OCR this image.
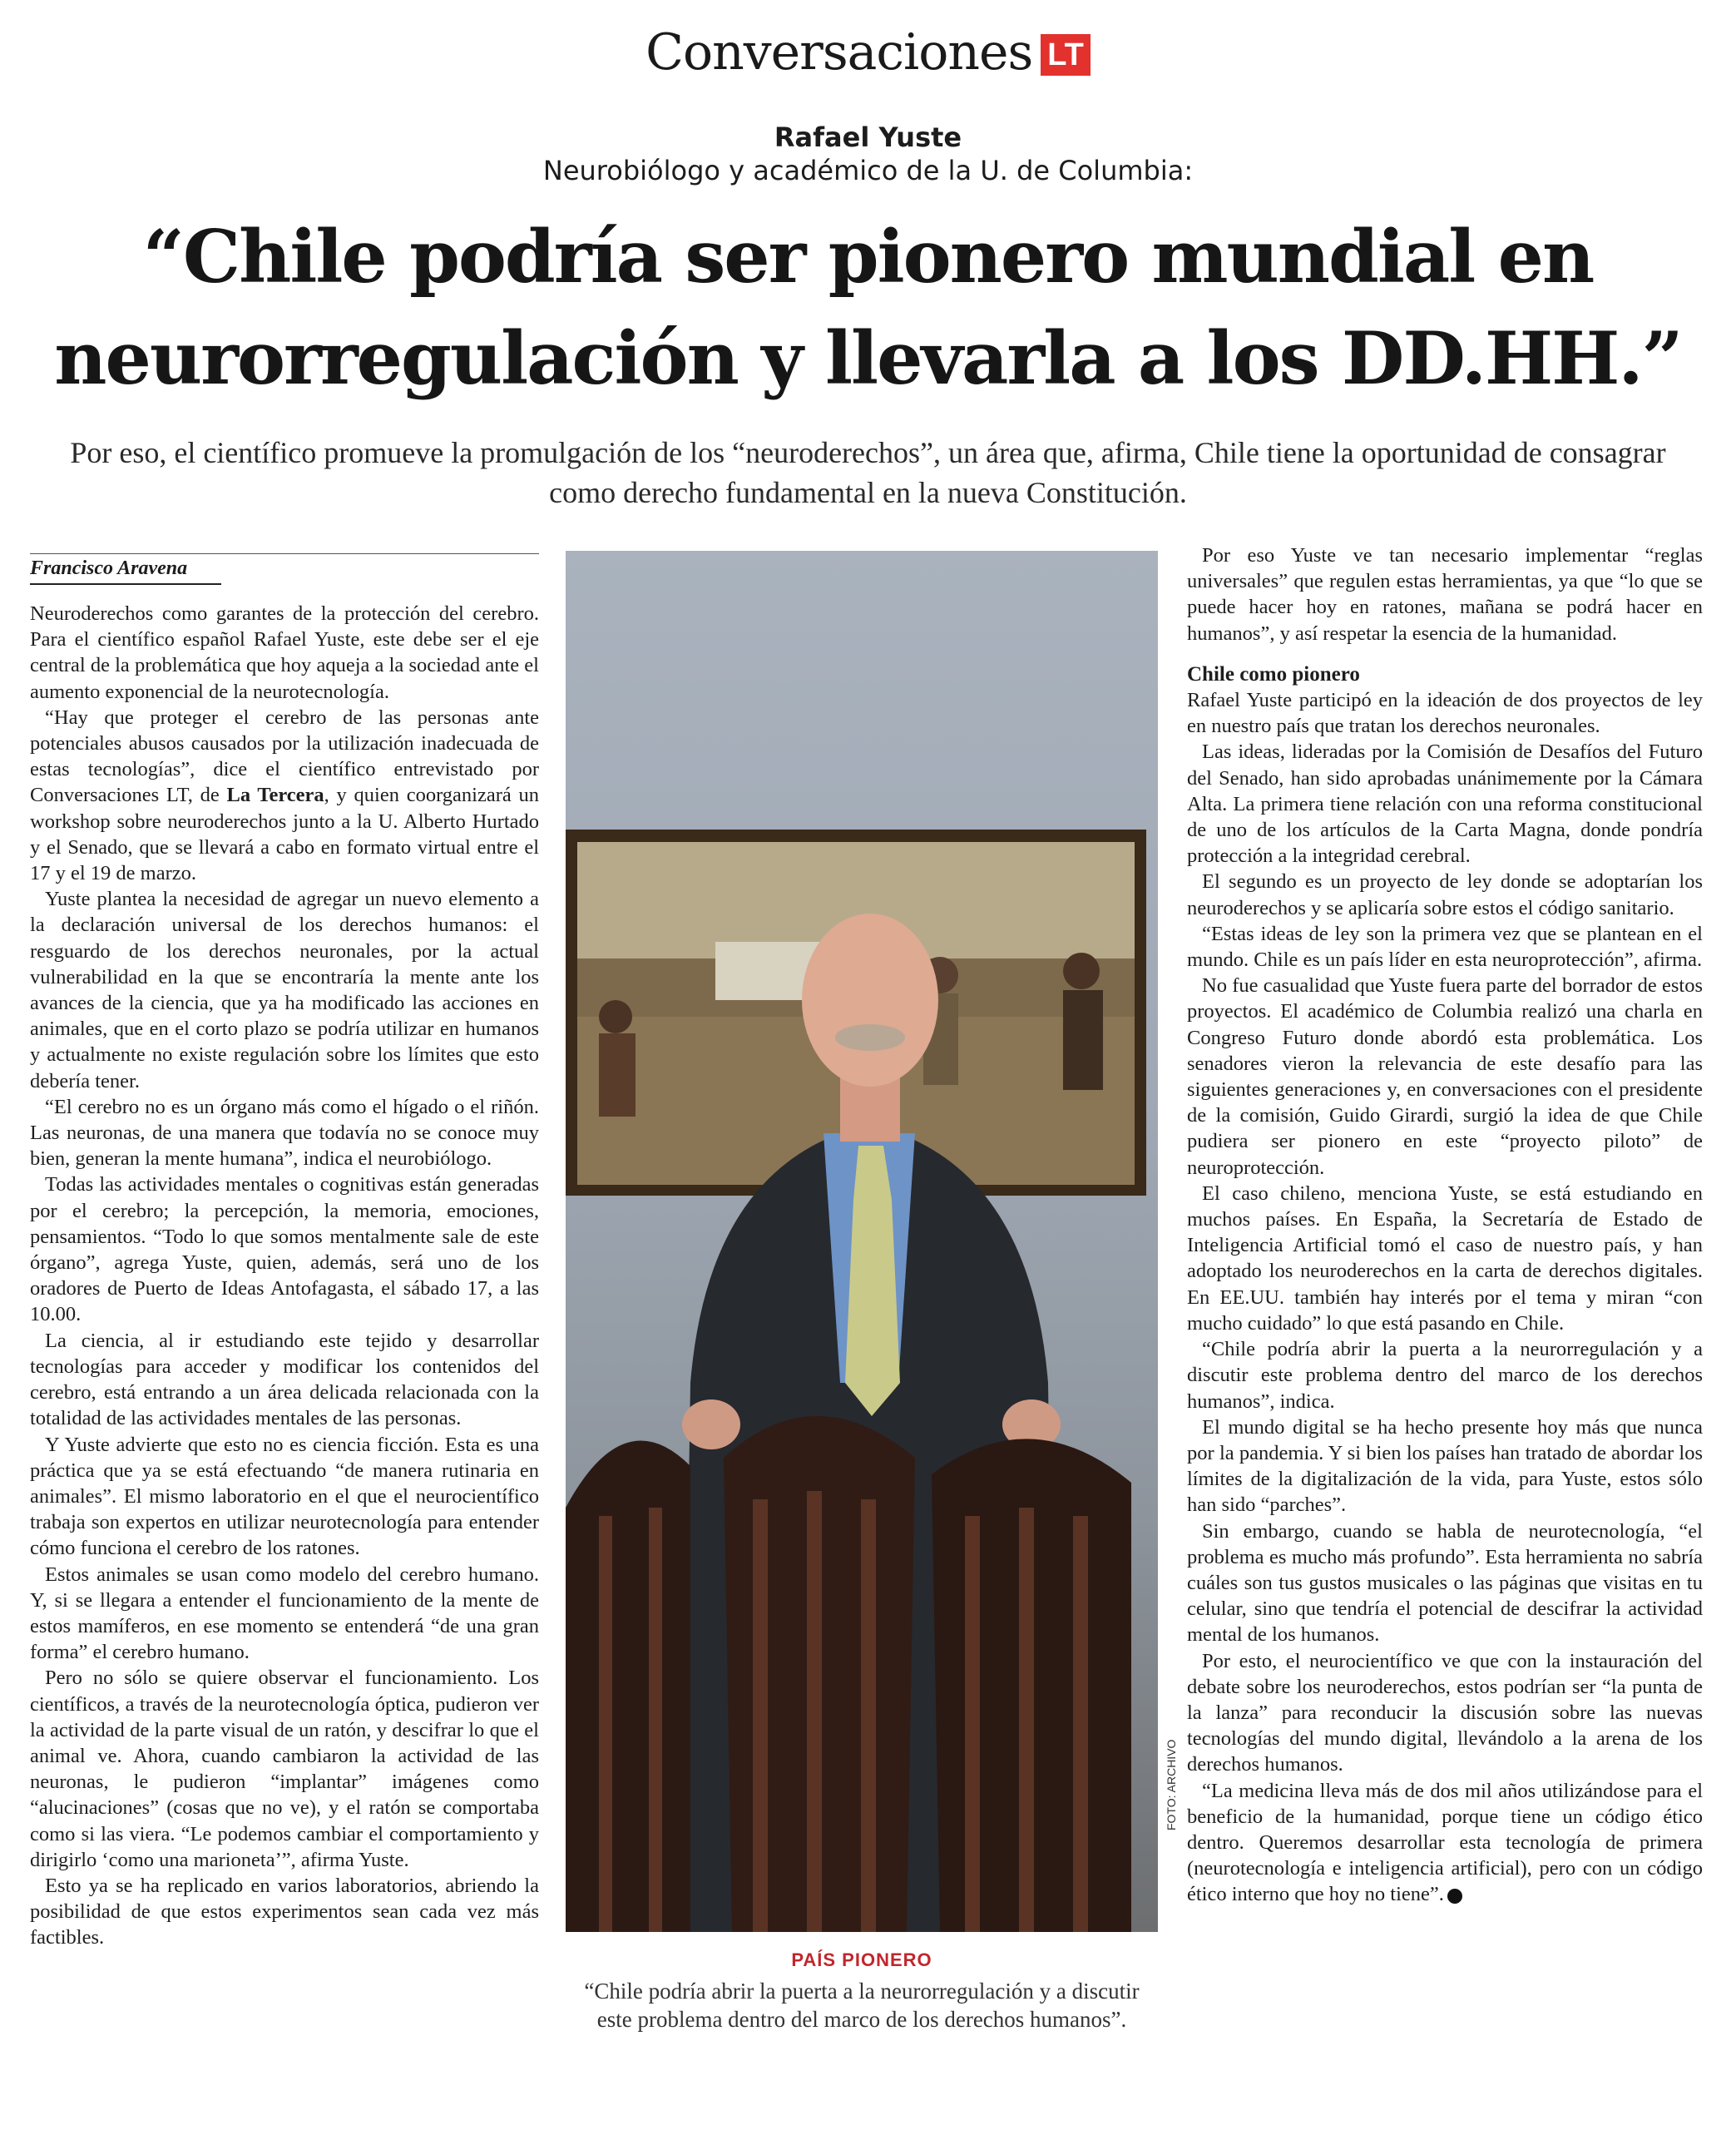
Conversaciones LT
Rafael Yuste
Neurobiólogo y académico de la U. de Columbia:
“Chile podría ser pionero mundial en
neurorregulación y llevarla a los DD.HH.”
Por eso, el científico promueve la promulgación de los “neuroderechos”, un área que, afirma, Chile tiene la oportunidad de consagrar como derecho fundamental en la nueva Constitución.
Francisco Aravena

Neuroderechos como garantes de la protección del cerebro. Para el científico español Rafael Yuste, este debe ser el eje central de la problemática que hoy aqueja a la sociedad ante el aumento exponencial de la neurotecnología.

“Hay que proteger el cerebro de las personas ante potenciales abusos causados por la utilización inadecuada de estas tecnologías”, dice el científico entrevistado por Conversaciones LT, de La Tercera, y quien coorganizará un workshop sobre neuroderechos junto a la U. Alberto Hurtado y el Senado, que se llevará a cabo en formato virtual entre el 17 y el 19 de marzo.

Yuste plantea la necesidad de agregar un nuevo elemento a la declaración universal de los derechos humanos: el resguardo de los derechos neuronales, por la actual vulnerabilidad en la que se encontraría la mente ante los avances de la ciencia, que ya ha modificado las acciones en animales, que en el corto plazo se podría utilizar en humanos y actualmente no existe regulación sobre los límites que esto debería tener.

“El cerebro no es un órgano más como el hígado o el riñón. Las neuronas, de una manera que todavía no se conoce muy bien, generan la mente humana”, indica el neurobiólogo.

Todas las actividades mentales o cognitivas están generadas por el cerebro; la percepción, la memoria, emociones, pensamientos. “Todo lo que somos mentalmente sale de este órgano”, agrega Yuste, quien, además, será uno de los oradores de Puerto de Ideas Antofagasta, el sábado 17, a las 10.00.

La ciencia, al ir estudiando este tejido y desarrollar tecnologías para acceder y modificar los contenidos del cerebro, está entrando a un área delicada relacionada con la totalidad de las actividades mentales de las personas.

Y Yuste advierte que esto no es ciencia ficción. Esta es una práctica que ya se está efectuando “de manera rutinaria en animales”. El mismo laboratorio en el que el neurocientífico trabaja son expertos en utilizar neurotecnología para entender cómo funciona el cerebro de los ratones.

Estos animales se usan como modelo del cerebro humano. Y, si se llegara a entender el funcionamiento de la mente de estos mamíferos, en ese momento se entenderá “de una gran forma” el cerebro humano.

Pero no sólo se quiere observar el funcionamiento. Los científicos, a través de la neurotecnología óptica, pudieron ver la actividad de la parte visual de un ratón, y descifrar lo que el animal ve. Ahora, cuando cambiaron la actividad de las neuronas, le pudieron “implantar” imágenes como “alucinaciones” (cosas que no ve), y el ratón se comportaba como si las viera. “Le podemos cambiar el comportamiento y dirigirlo ‘como una marioneta’”, afirma Yuste.

Esto ya se ha replicado en varios laboratorios, abriendo la posibilidad de que estos experimentos sean cada vez más factibles.

FOTO: ARCHIVO
PAÍS PIONERO
“Chile podría abrir la puerta a la neurorregulación y a discutir este problema dentro del marco de los derechos humanos”.

Por eso Yuste ve tan necesario implementar “reglas universales” que regulen estas herramientas, ya que “lo que se puede hacer hoy en ratones, mañana se podrá hacer en humanos”, y así respetar la esencia de la humanidad.

Chile como pionero

Rafael Yuste participó en la ideación de dos proyectos de ley en nuestro país que tratan los derechos neuronales.

Las ideas, lideradas por la Comisión de Desafíos del Futuro del Senado, han sido aprobadas unánimemente por la Cámara Alta. La primera tiene relación con una reforma constitucional de uno de los artículos de la Carta Magna, donde pondría protección a la integridad cerebral.

El segundo es un proyecto de ley donde se adoptarían los neuroderechos y se aplicaría sobre estos el código sanitario.

“Estas ideas de ley son la primera vez que se plantean en el mundo. Chile es un país líder en esta neuroprotección”, afirma.

No fue casualidad que Yuste fuera parte del borrador de estos proyectos. El académico de Columbia realizó una charla en Congreso Futuro donde abordó esta problemática. Los senadores vieron la relevancia de este desafío para las siguientes generaciones y, en conversaciones con el presidente de la comisión, Guido Girardi, surgió la idea de que Chile pudiera ser pionero en este “proyecto piloto” de neuroprotección.

El caso chileno, menciona Yuste, se está estudiando en muchos países. En España, la Secretaría de Estado de Inteligencia Artificial tomó el caso de nuestro país, y han adoptado los neuroderechos en la carta de derechos digitales. En EE.UU. también hay interés por el tema y miran “con mucho cuidado” lo que está pasando en Chile.

“Chile podría abrir la puerta a la neurorregulación y a discutir este problema dentro del marco de los derechos humanos”, indica.

El mundo digital se ha hecho presente hoy más que nunca por la pandemia. Y si bien los países han tratado de abordar los límites de la digitalización de la vida, para Yuste, estos sólo han sido “parches”.

Sin embargo, cuando se habla de neurotecnología, “el problema es mucho más profundo”. Esta herramienta no sabría cuáles son tus gustos musicales o las páginas que visitas en tu celular, sino que tendría el potencial de descifrar la actividad mental de los humanos.

Por esto, el neurocientífico ve que con la instauración del debate sobre los neuroderechos, estos podrían ser “la punta de la lanza” para reconducir la discusión sobre las nuevas tecnologías del mundo digital, llevándolo a la arena de los derechos humanos.

“La medicina lleva más de dos mil años utilizándose para el beneficio de la humanidad, porque tiene un código ético dentro. Queremos desarrollar esta tecnología de primera (neurotecnología e inteligencia artificial), pero con un código ético interno que hoy no tiene”.
